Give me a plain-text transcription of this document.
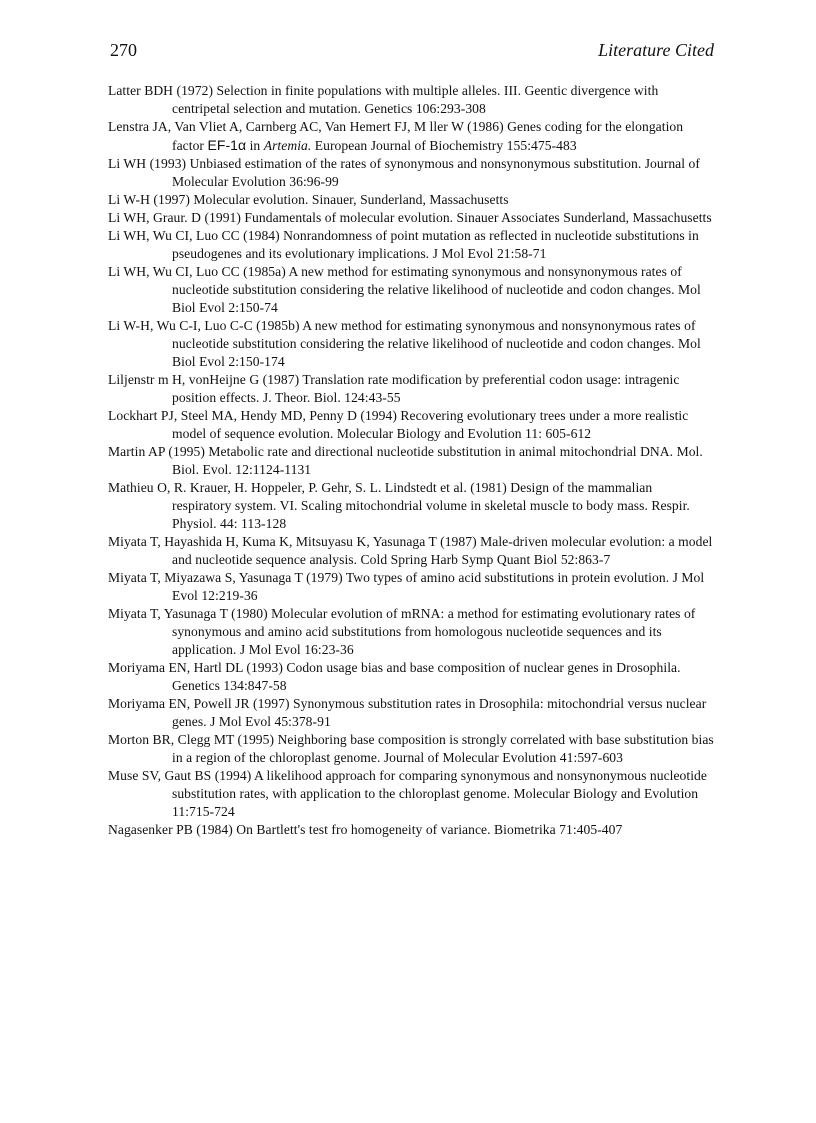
270	Literature Cited
Latter BDH (1972) Selection in finite populations with multiple alleles. III. Geentic divergence with centripetal selection and mutation. Genetics 106:293-308
Lenstra JA, Van Vliet A, Carnberg AC, Van Hemert FJ, M ller W (1986) Genes coding for the elongation factor EF-1α in Artemia. European Journal of Biochemistry 155:475-483
Li WH (1993) Unbiased estimation of the rates of synonymous and nonsynonymous substitution. Journal of Molecular Evolution 36:96-99
Li W-H (1997) Molecular evolution. Sinauer, Sunderland, Massachusetts
Li WH, Graur. D (1991) Fundamentals of molecular evolution. Sinauer Associates Sunderland, Massachusetts
Li WH, Wu CI, Luo CC (1984) Nonrandomness of point mutation as reflected in nucleotide substitutions in pseudogenes and its evolutionary implications. J Mol Evol 21:58-71
Li WH, Wu CI, Luo CC (1985a) A new method for estimating synonymous and nonsynonymous rates of nucleotide substitution considering the relative likelihood of nucleotide and codon changes. Mol Biol Evol 2:150-74
Li W-H, Wu C-I, Luo C-C (1985b) A new method for estimating synonymous and nonsynonymous rates of nucleotide substitution considering the relative likelihood of nucleotide and codon changes. Mol Biol Evol 2:150-174
Liljenstr m H, vonHeijne G (1987) Translation rate modification by preferential codon usage: intragenic position effects. J. Theor. Biol. 124:43-55
Lockhart PJ, Steel MA, Hendy MD, Penny D (1994) Recovering evolutionary trees under a more realistic model of sequence evolution. Molecular Biology and Evolution 11: 605-612
Martin AP (1995) Metabolic rate and directional nucleotide substitution in animal mitochondrial DNA. Mol. Biol. Evol. 12:1124-1131
Mathieu O, R. Krauer, H. Hoppeler, P. Gehr, S. L. Lindstedt et al. (1981) Design of the mammalian respiratory system. VI. Scaling mitochondrial volume in skeletal muscle to body mass. Respir. Physiol. 44: 113-128
Miyata T, Hayashida H, Kuma K, Mitsuyasu K, Yasunaga T (1987) Male-driven molecular evolution: a model and nucleotide sequence analysis. Cold Spring Harb Symp Quant Biol 52:863-7
Miyata T, Miyazawa S, Yasunaga T (1979) Two types of amino acid substitutions in protein evolution. J Mol Evol 12:219-36
Miyata T, Yasunaga T (1980) Molecular evolution of mRNA: a method for estimating evolutionary rates of synonymous and amino acid substitutions from homologous nucleotide sequences and its application. J Mol Evol 16:23-36
Moriyama EN, Hartl DL (1993) Codon usage bias and base composition of nuclear genes in Drosophila. Genetics 134:847-58
Moriyama EN, Powell JR (1997) Synonymous substitution rates in Drosophila: mitochondrial versus nuclear genes. J Mol Evol 45:378-91
Morton BR, Clegg MT (1995) Neighboring base composition is strongly correlated with base substitution bias in a region of the chloroplast genome. Journal of Molecular Evolution 41:597-603
Muse SV, Gaut BS (1994) A likelihood approach for comparing synonymous and nonsynonymous nucleotide substitution rates, with application to the chloroplast genome. Molecular Biology and Evolution 11:715-724
Nagasenker PB (1984) On Bartlett's test fro homogeneity of variance. Biometrika 71:405-407
